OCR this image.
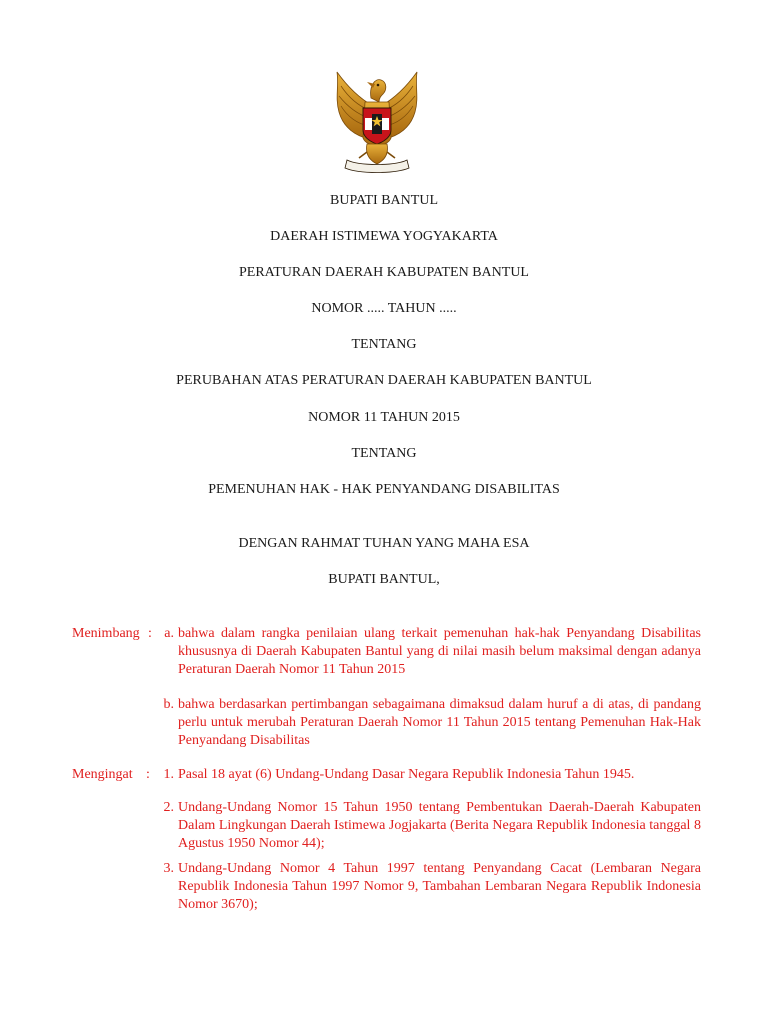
BUPATI BANTUL
DAERAH ISTIMEWA YOGYAKARTA
PERATURAN DAERAH KABUPATEN BANTUL
NOMOR ..... TAHUN .....
TENTANG
PERUBAHAN ATAS PERATURAN DAERAH KABUPATEN BANTUL
NOMOR 11 TAHUN 2015
TENTANG
PEMENUHAN HAK - HAK PENYANDANG DISABILITAS
DENGAN RAHMAT TUHAN YANG MAHA ESA
BUPATI BANTUL,
Menimbang : a. bahwa dalam rangka penilaian ulang terkait pemenuhan hak-hak Penyandang Disabilitas khususnya di Daerah Kabupaten Bantul yang di nilai masih belum maksimal dengan adanya Peraturan Daerah Nomor 11 Tahun 2015
b. bahwa berdasarkan pertimbangan sebagaimana dimaksud dalam huruf a di atas, di pandang perlu untuk merubah Peraturan Daerah Nomor 11 Tahun 2015 tentang Pemenuhan Hak-Hak Penyandang Disabilitas
Mengingat : 1. Pasal 18 ayat (6) Undang-Undang Dasar Negara Republik Indonesia Tahun 1945.
2. Undang-Undang Nomor 15 Tahun 1950 tentang Pembentukan Daerah-Daerah Kabupaten Dalam Lingkungan Daerah Istimewa Jogjakarta (Berita Negara Republik Indonesia tanggal 8 Agustus 1950 Nomor 44);
3. Undang-Undang Nomor 4 Tahun 1997 tentang Penyandang Cacat (Lembaran Negara Republik Indonesia Tahun 1997 Nomor 9, Tambahan Lembaran Negara Republik Indonesia Nomor 3670);
